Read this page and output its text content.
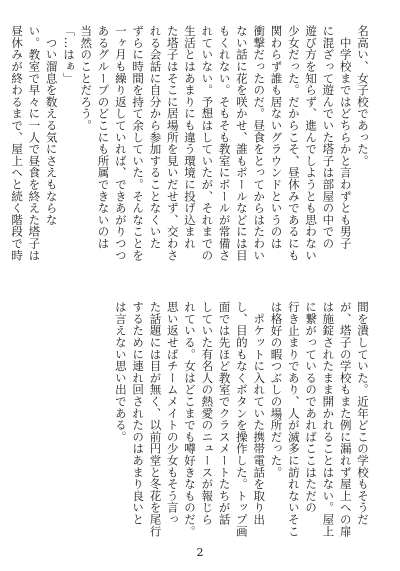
名高い、女子校であった。
　中学校まではどちらかと言わずとも男子
に混ざって遊んでいた塔子は部屋の中での
遊び方を知らず、進んでしようとも思わない
少女だった。だからこそ、昼休みであるにも
関わらず誰も居ないグラウンドというのは
衝撃だったのだ。昼食をとってからはたわい
ない話に花を咲かせ、誰もボールなどには目
もくれない。そもそも教室にボールが常備さ
れていない。予想はしていたが、それまでの
生活とはあまりにも違う環境に投げ込まれ
た塔子はそこに居場所を見いだせず、交わさ
れる会話に自分から参加することなくいた
ずらに時間を持て余していた。そんなことを
一ヶ月も繰り返していれば、できあがりつつ
あるグループのどこにも所属できないのは
当然のことだろう。
「…はぁ」
　つい溜息を数える気にさえもならな
い。教室で早々に一人で昼食を終えた塔子は
昼休みが終わるまで、屋上へと続く階段で時
間を潰していた。近年どこの学校もそうだ
が、塔子の学校もまた例に漏れず屋上への扉
は施錠されたまま開かれることはない。屋上
に繋がっているのであればここはただの
行き止まりであり、人が滅多に訪れないそこ
は格好の暇つぶしの場所だった。
　ポケットに入れていた携帯電話を取り出
し、目的もなくボタンを操作した。トップ画
面では先ほど教室でクラスメートたちが話
していた有名人の熱愛のニュースが報じら
れている。女はどこまでも噂好きなものだ。
思い返せばチームメイトの少女もそう言っ
た話題には目が無く、以前円堂と冬花を尾行
するために連れ回されたのはあまり良いと
は言えない思い出である。
2
